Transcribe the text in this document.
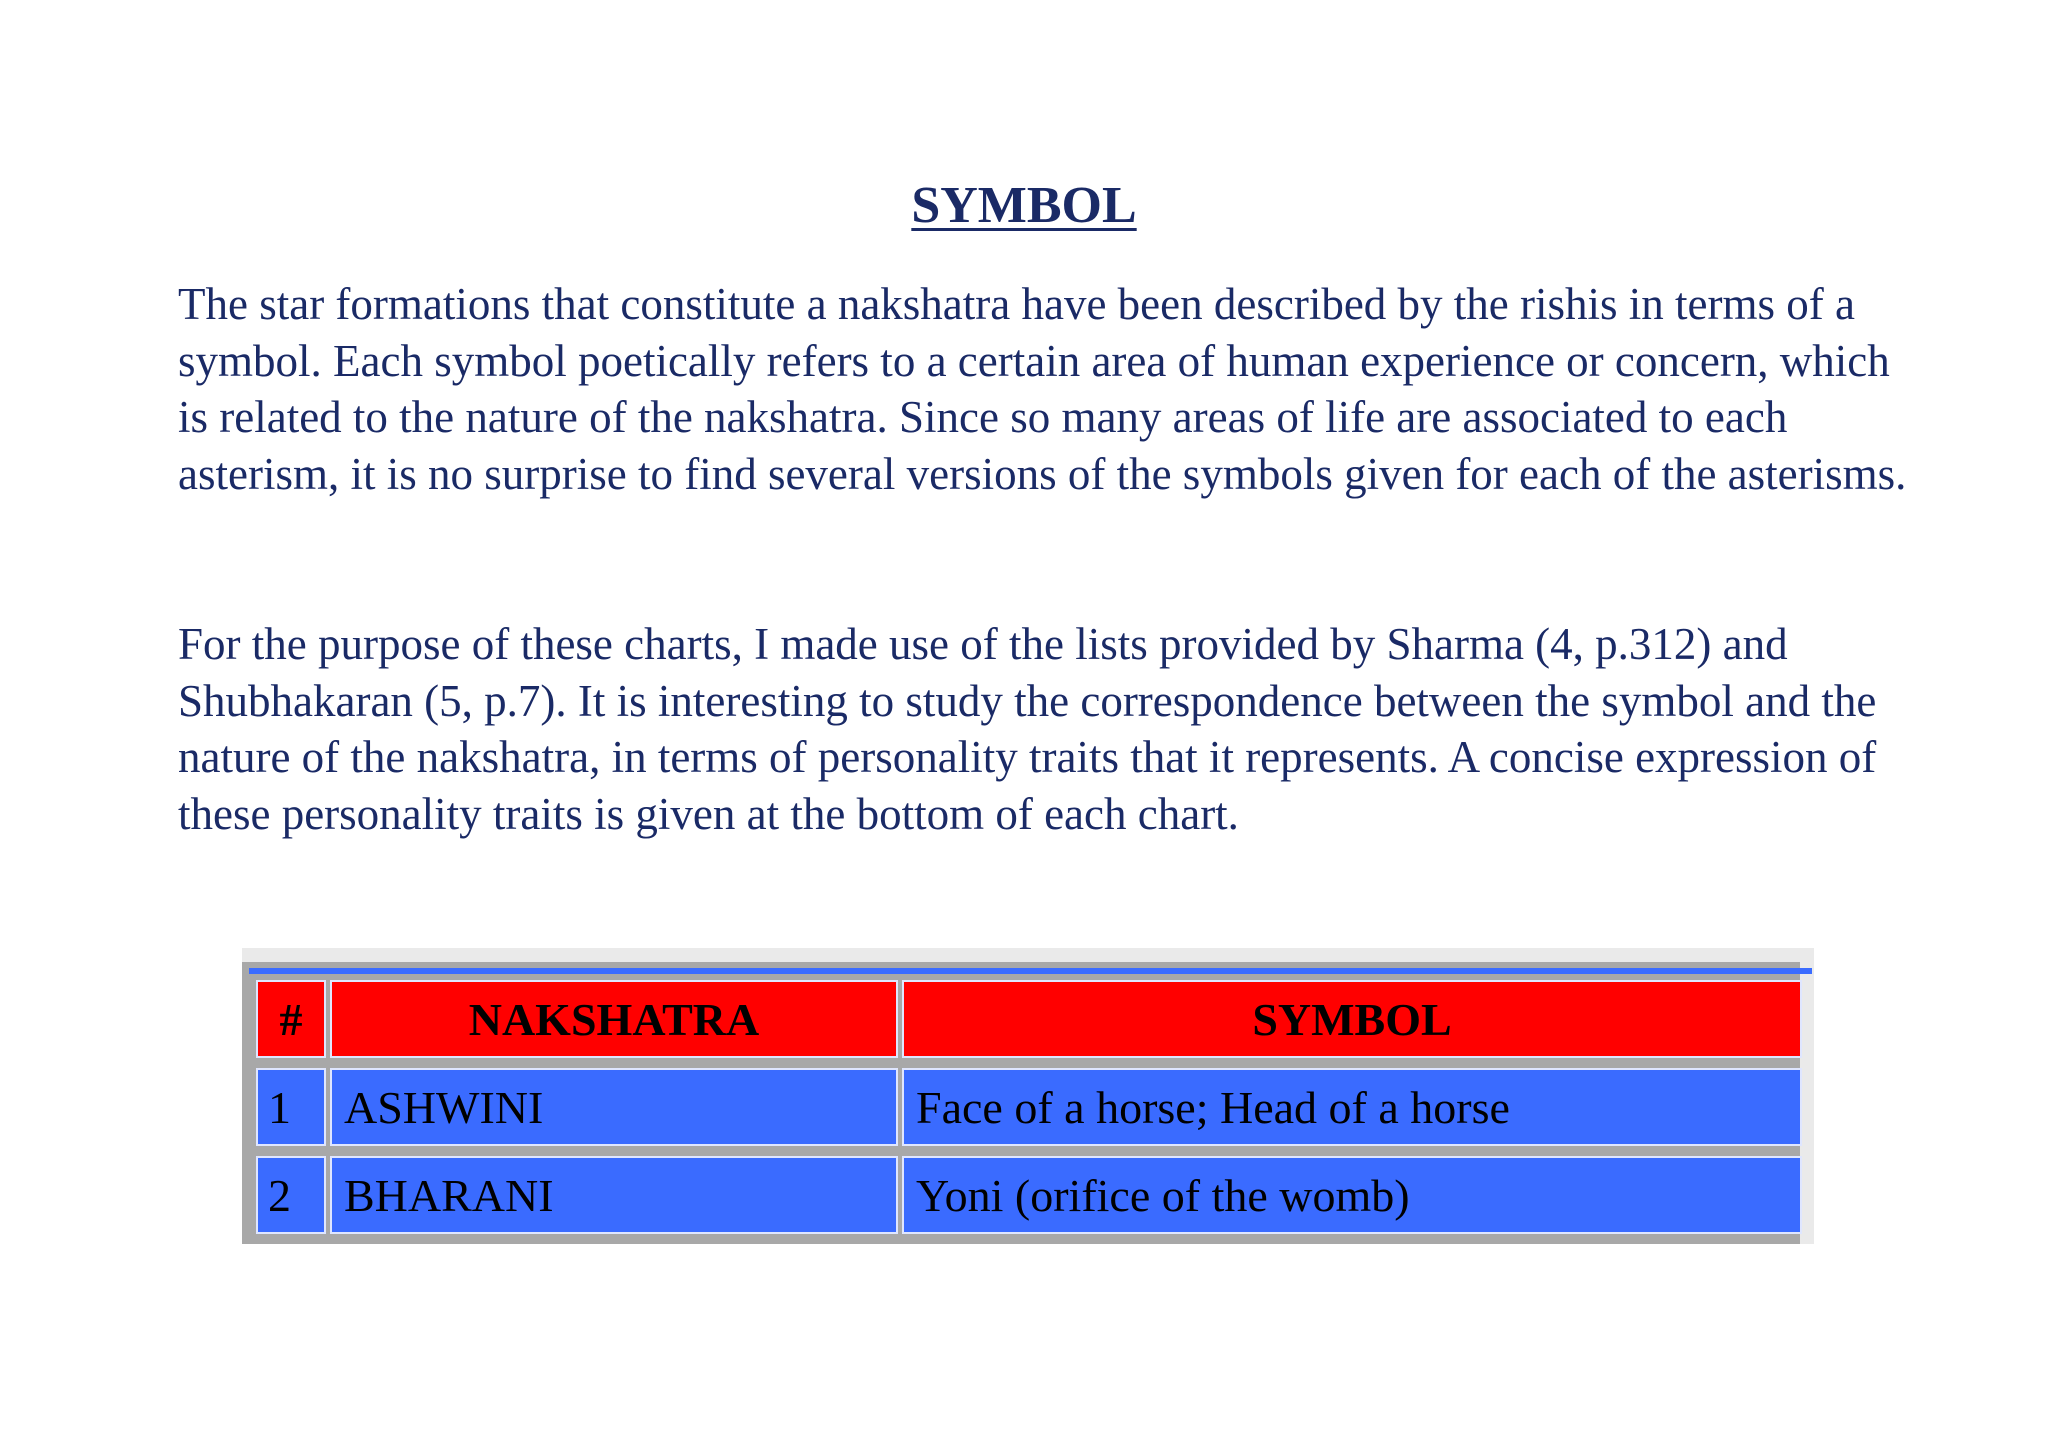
SYMBOL

The star formations that constitute a nakshatra have been described by the rishis in terms of a symbol. Each symbol poetically refers to a certain area of human experience or concern, which is related to the nature of the nakshatra. Since so many areas of life are associated to each asterism, it is no surprise to find several versions of the symbols given for each of the asterisms.

For the purpose of these charts, I made use of the lists provided by Sharma (4, p.312) and Shubhakaran (5, p.7). It is interesting to study the correspondence between the symbol and the nature of the nakshatra, in terms of personality traits that it represents. A concise expression of these personality traits is given at the bottom of each chart.

#	NAKSHATRA	SYMBOL
1	ASHWINI	Face of a horse; Head of a horse
2	BHARANI	Yoni (orifice of the womb)
